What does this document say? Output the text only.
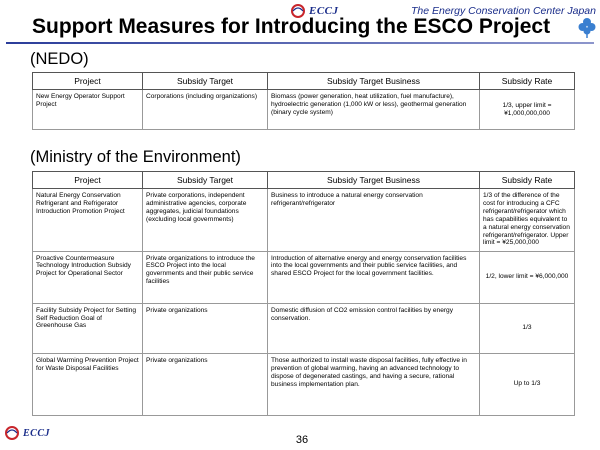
ECCJ	The Energy Conservation Center Japan
Support Measures for Introducing the ESCO Project
(NEDO)
Project	Subsidy Target	Subsidy Target Business	Subsidy Rate
New Energy Operator Support Project	Corporations (including organizations)	Biomass (power generation, heat utilization, fuel manufacture), hydroelectric generation (1,000 kW or less), geothermal generation (binary cycle system)	1/3, upper limit = ¥1,000,000,000
(Ministry of the Environment)
Project	Subsidy Target	Subsidy Target Business	Subsidy Rate
Natural Energy Conservation Refrigerant and Refrigerator Introduction Promotion Project	Private corporations, independent administrative agencies, corporate aggregates, judicial foundations (excluding local governments)	Business to introduce a natural energy conservation refrigerant/refrigerator	1/3 of the difference of the cost for introducing a CFC refrigerant/refrigerator which has capabilities equivalent to a natural energy conservation refrigerant/refrigerator. Upper limit = ¥25,000,000
Proactive Countermeasure Technology Introduction Subsidy Project for Operational Sector	Private organizations to introduce the ESCO Project into the local governments and their public service facilities	Introduction of alternative energy and energy conservation facilities into the local governments and their public service facilities, and shared ESCO Project for the local government facilities.	1/2, lower limit = ¥6,000,000
Facility Subsidy Project for Setting Self Reduction Goal of Greenhouse Gas	Private organizations	Domestic diffusion of CO2 emission control facilities by energy conservation.	1/3
Global Warming Prevention Project for Waste Disposal Facilities	Private organizations	Those authorized to install waste disposal facilities, fully effective in prevention of global warming, having an advanced technology to dispose of degenerated castings, and having a secure, rational business implementation plan.	Up to 1/3
ECCJ
36
